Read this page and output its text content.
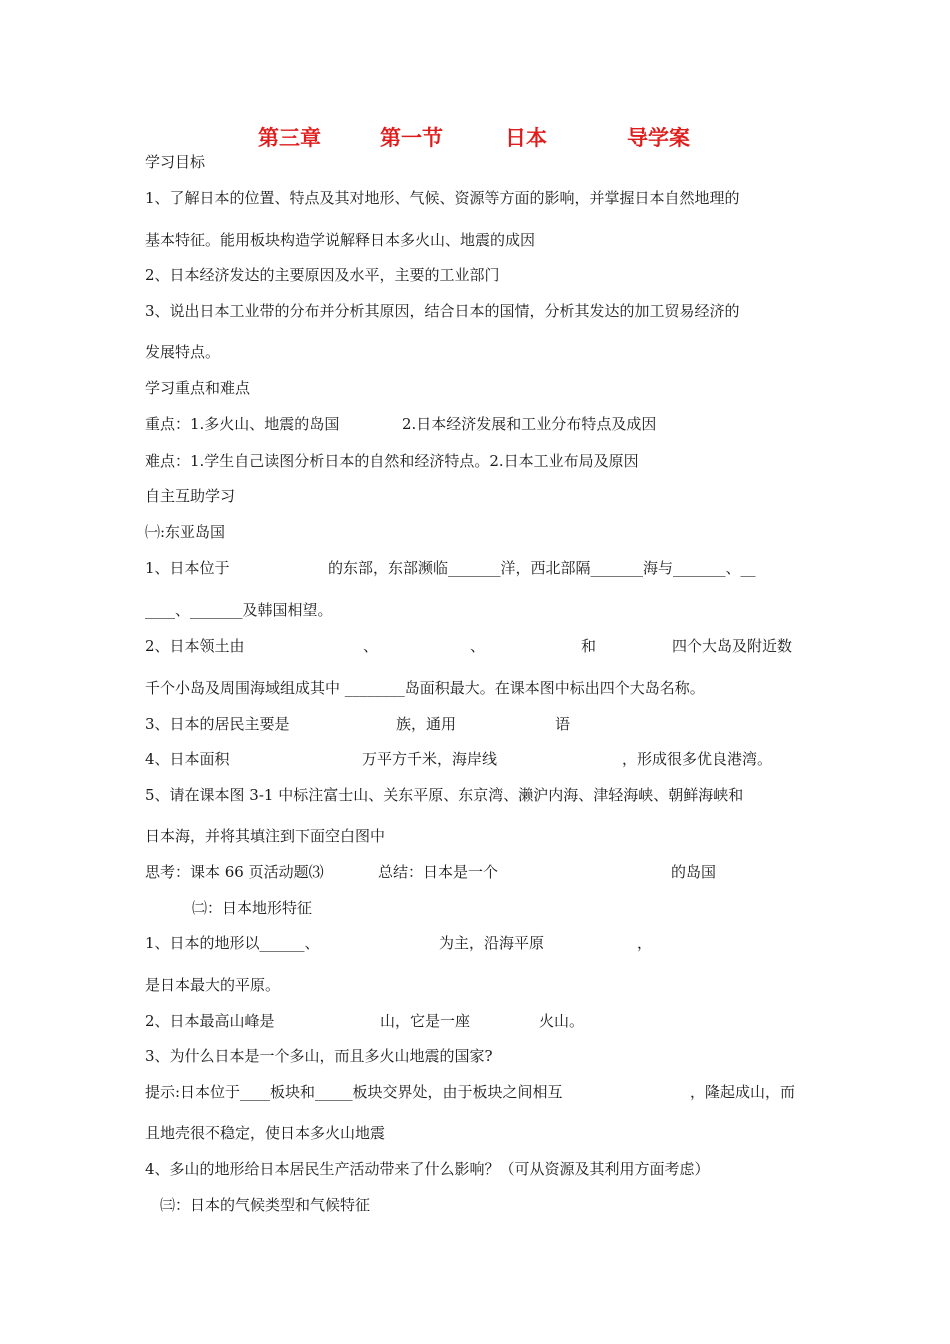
第三章	第一节	日本	导学案
学习目标
1、了解日本的位置、特点及其对地形、气候、资源等方面的影响，并掌握日本自然地理的
基本特征。能用板块构造学说解释日本多火山、地震的成因
2、日本经济发达的主要原因及水平，主要的工业部门
3、说出日本工业带的分布并分析其原因，结合日本的国情，分析其发达的加工贸易经济的
发展特点。
学习重点和难点
重点：1.多火山、地震的岛国	2.日本经济发展和工业分布特点及成因
难点：1.学生自己读图分析日本的自然和经济特点。2.日本工业布局及原因
自主互助学习
㈠:东亚岛国
1、日本位于	的东部，东部濒临_______洋，西北部隔_______海与_______、__
____、_______及韩国相望。
2、日本领土由	、	、	和	四个大岛及附近数
千个小岛及周围海域组成其中 ________岛面积最大。在课本图中标出四个大岛名称。
3、日本的居民主要是	族，通用	语
4、日本面积	万平方千米，海岸线	，形成很多优良港湾。
5、请在课本图 3-1 中标注富士山、关东平原、东京湾、濑沪内海、津轻海峡、朝鲜海峡和
日本海，并将其填注到下面空白图中
思考：课本 66 页活动题⑶	总结：日本是一个	的岛国
㈡：日本地形特征
1、日本的地形以______、	为主，沿海平原	，
是日本最大的平原。
2、日本最高山峰是	山，它是一座	火山。
3、为什么日本是一个多山，而且多火山地震的国家?
提示:日本位于____板块和_____板块交界处，由于板块之间相互	，隆起成山，而
且地壳很不稳定，使日本多火山地震
4、多山的地形给日本居民生产活动带来了什么影响？（可从资源及其利用方面考虑）
㈢：日本的气候类型和气候特征
